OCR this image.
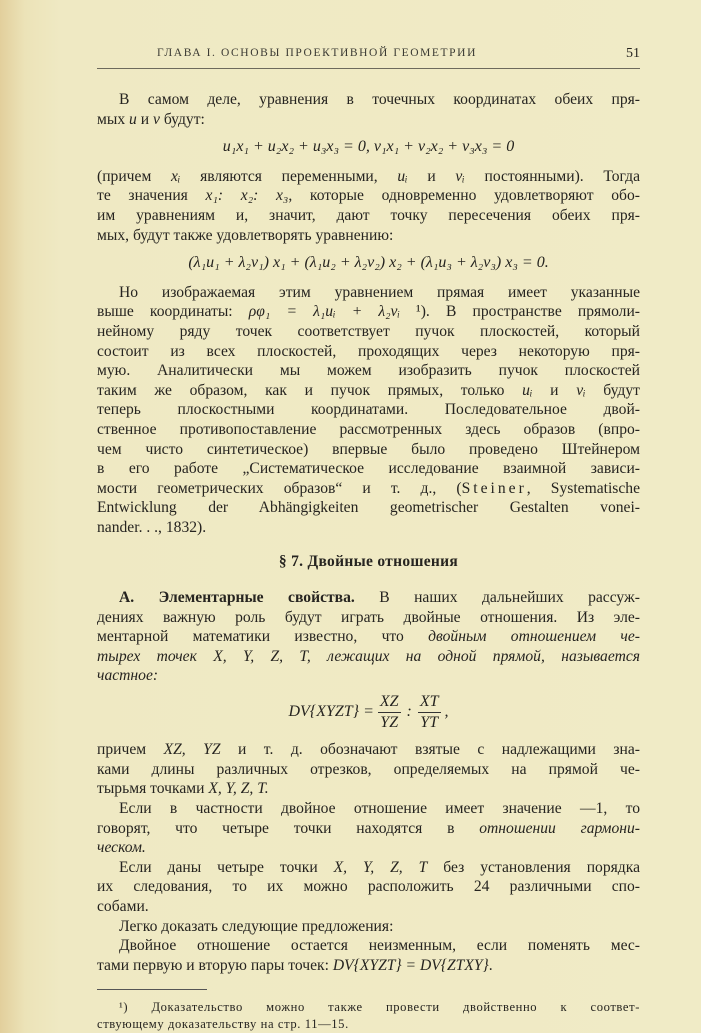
ГЛАВА I. ОСНОВЫ ПРОЕКТИВНОЙ ГЕОМЕТРИИ	51
В самом деле, уравнения в точечных координатах обеих пря-
мых u и v будут:
u₁x₁ + u₂x₂ + u₃x₃ = 0, v₁x₁ + v₂x₂ + v₃x₃ = 0
(причем xᵢ являются переменными, uᵢ и vᵢ постоянными). Тогда
те значения x₁: x₂: x₃, которые одновременно удовлетворяют обо-
им уравнениям и, значит, дают точку пересечения обеих пря-
мых, будут также удовлетворять уравнению:
(λ₁u₁ + λ₂v₁) x₁ + (λ₁u₂ + λ₂v₂) x₂ + (λ₁u₃ + λ₂v₃) x₃ = 0.
Но изображаемая этим уравнением прямая имеет указанные
выше координаты: ρφ₁ = λ₁uᵢ + λ₂vᵢ ¹). В пространстве прямоли-
нейному ряду точек соответствует пучок плоскостей, который
состоит из всех плоскостей, проходящих через некоторую пря-
мую. Аналитически мы можем изобразить пучок плоскостей
таким же образом, как и пучок прямых, только uᵢ и vᵢ будут
теперь плоскостными координатами. Последовательное двой-
ственное противопоставление рассмотренных здесь образов (впро-
чем чисто синтетическое) впервые было проведено Штейнером
в его работе „Систематическое исследование взаимной зависи-
мости геометрических образов“ и т. д., (Steiner, Systematische
Entwicklung der Abhängigkeiten geometrischer Gestalten vonei-
nander. . ., 1832).
§ 7. Двойные отношения
А. Элементарные свойства. В наших дальнейших рассуж-
дениях важную роль будут играть двойные отношения. Из эле-
ментарной математики известно, что двойным отношением че-
тырех точек X, Y, Z, T, лежащих на одной прямой, называется
частное:
DV{XYZT} = $\frac{XZ}{YZ}$ : $\frac{XT}{YT}$ ,
причем XZ, YZ и т. д. обозначают взятые с надлежащими зна-
ками длины различных отрезков, определяемых на прямой че-
тырьмя точками X, Y, Z, T.
Если в частности двойное отношение имеет значение —1, то
говорят, что четыре точки находятся в отношении гармони-
ческом.
Если даны четыре точки X, Y, Z, T без установления порядка
их следования, то их можно расположить 24 различными спо-
собами.
Легко доказать следующие предложения:
Двойное отношение остается неизменным, если поменять мес-
тами первую и вторую пары точек: DV{XYZT} = DV{ZTXY}.
¹) Доказательство можно также провести двойственно к соответ-
ствующему доказательству на стр. 11—15.
